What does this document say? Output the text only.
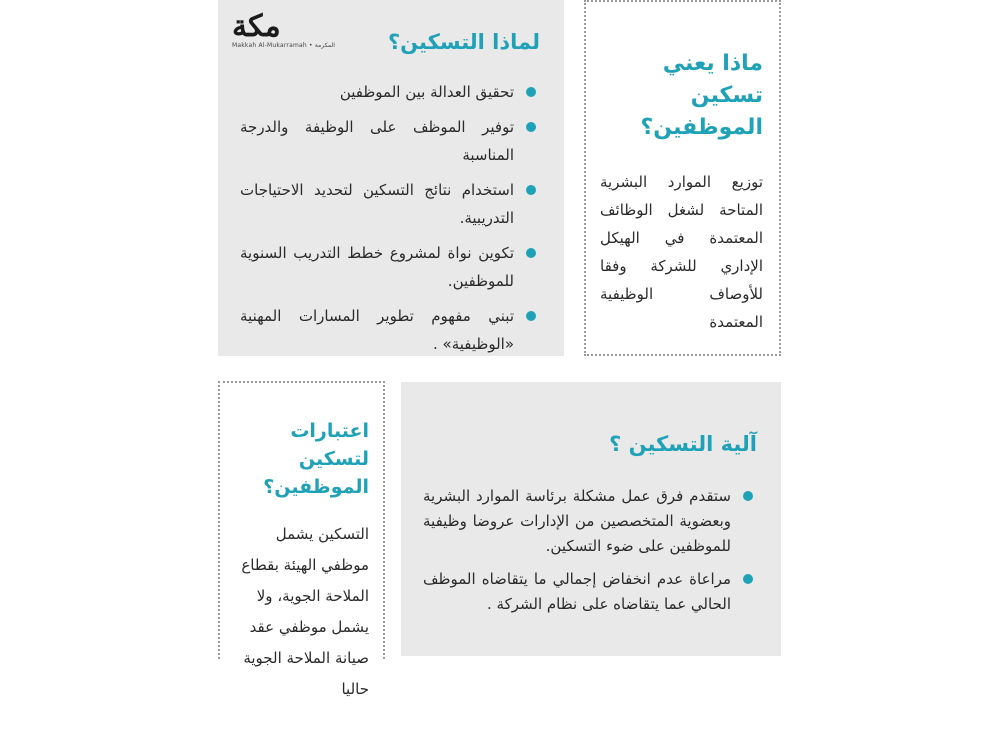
مكة
Makkah Al-Mukarramah • المكرمة	لماذا التسكين؟
تحقيق العدالة بين الموظفين
توفير الموظف على الوظيفة والدرجة المناسبة
استخدام نتائج التسكين لتحديد الاحتياجات التدريبية.
تكوين نواة لمشروع خطط التدريب السنوية للموظفين.
تبني مفهوم تطوير المسارات المهنية «الوظيفية» .
ماذا يعني تسكين الموظفين؟
توزيع الموارد البشرية المتاحة لشغل الوظائف المعتمدة في الهيكل الإداري للشركة وفقا للأوصاف الوظيفية المعتمدة
اعتبارات لتسكين الموظفين؟
التسكين يشمل موظفي الهيئة بقطاع الملاحة الجوية، ولا يشمل موظفي عقد صيانة الملاحة الجوية حاليا
آلية التسكين ؟
ستقدم فرق عمل مشكلة برئاسة الموارد البشرية وبعضوية المتخصصين من الإدارات عروضا وظيفية للموظفين على ضوء التسكين.
مراعاة عدم انخفاض إجمالي ما يتقاضاه الموظف الحالي عما يتقاضاه على نظام الشركة .
